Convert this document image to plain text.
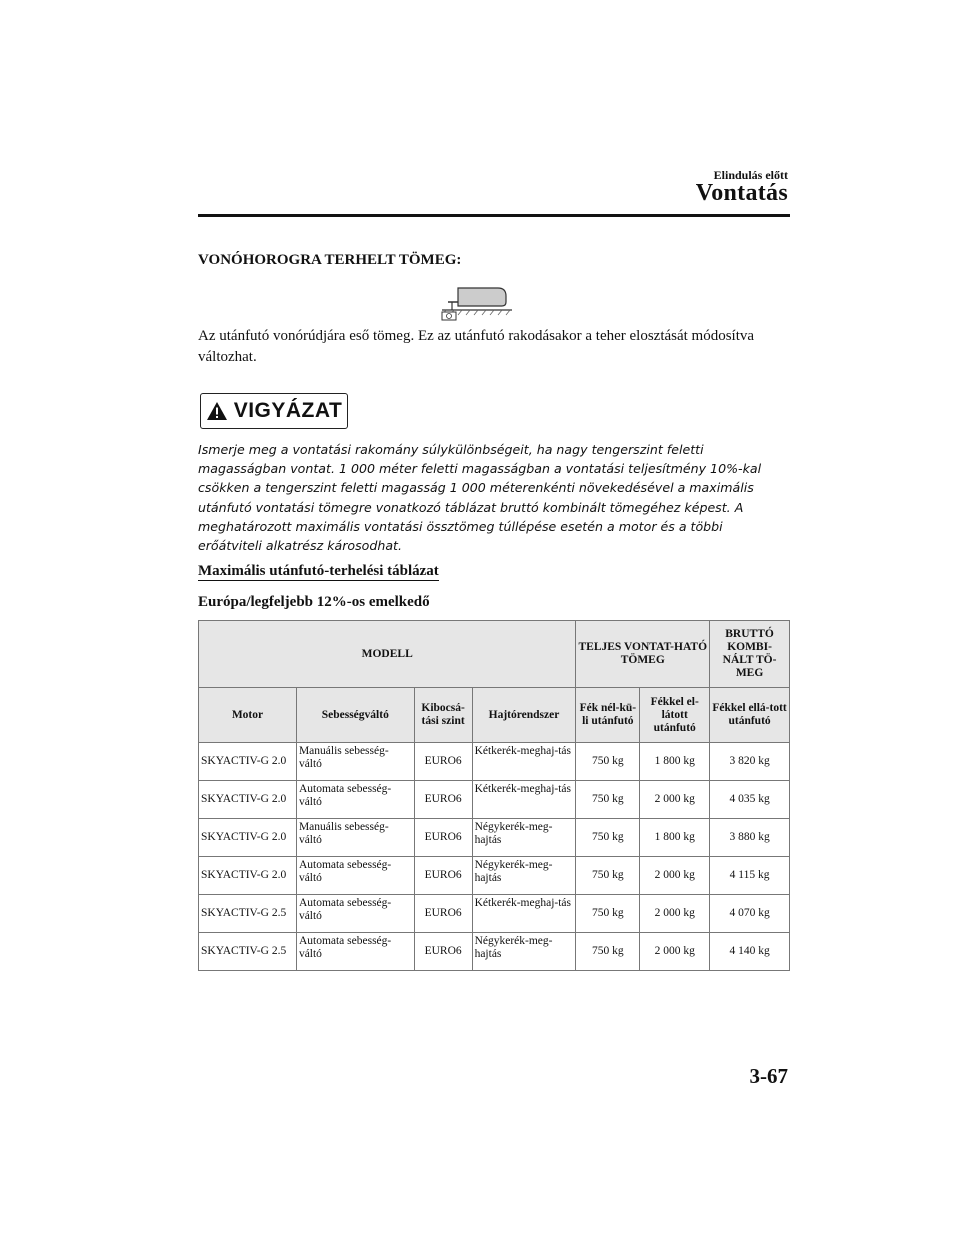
Elindulás előtt
Vontatás
VONÓHOROGRA TERHELT TÖMEG:
Az utánfutó vonórúdjára eső tömeg. Ez az utánfutó rakodásakor a teher elosztását módosítva változhat.
VIGYÁZAT
Ismerje meg a vontatási rakomány súlykülönbségeit, ha nagy tengerszint feletti magasságban vontat. 1 000 méter feletti magasságban a vontatási teljesítmény 10%-kal csökken a tengerszint feletti magasság 1 000 méterenkénti növekedésével a maximális utánfutó vontatási tömegre vonatkozó táblázat bruttó kombinált tömegéhez képest. A meghatározott maximális vontatási össztömeg túllépése esetén a motor és a többi erőátviteli alkatrész károsodhat.
Maximális utánfutó-terhelési táblázat
Európa/legfeljebb 12%-os emelkedő
MODELL				TELJES VONTAT-HATÓ TÖMEG		BRUTTÓ KOMBI-NÁLT TÖ-MEG
Motor	Sebességváltó	Kibocsá-tási szint	Hajtórendszer	Fék nél-kü-li utánfutó	Fékkel el-látott utánfutó	Fékkel ellá-tott utánfutó
SKYACTIV-G 2.0	Manuális sebesség-váltó	EURO6	Kétkerék-meghaj-tás	750 kg	1 800 kg	3 820 kg
SKYACTIV-G 2.0	Automata sebesség-váltó	EURO6	Kétkerék-meghaj-tás	750 kg	2 000 kg	4 035 kg
SKYACTIV-G 2.0	Manuális sebesség-váltó	EURO6	Négykerék-meg-hajtás	750 kg	1 800 kg	3 880 kg
SKYACTIV-G 2.0	Automata sebesség-váltó	EURO6	Négykerék-meg-hajtás	750 kg	2 000 kg	4 115 kg
SKYACTIV-G 2.5	Automata sebesség-váltó	EURO6	Kétkerék-meghaj-tás	750 kg	2 000 kg	4 070 kg
SKYACTIV-G 2.5	Automata sebesség-váltó	EURO6	Négykerék-meg-hajtás	750 kg	2 000 kg	4 140 kg
3-67
